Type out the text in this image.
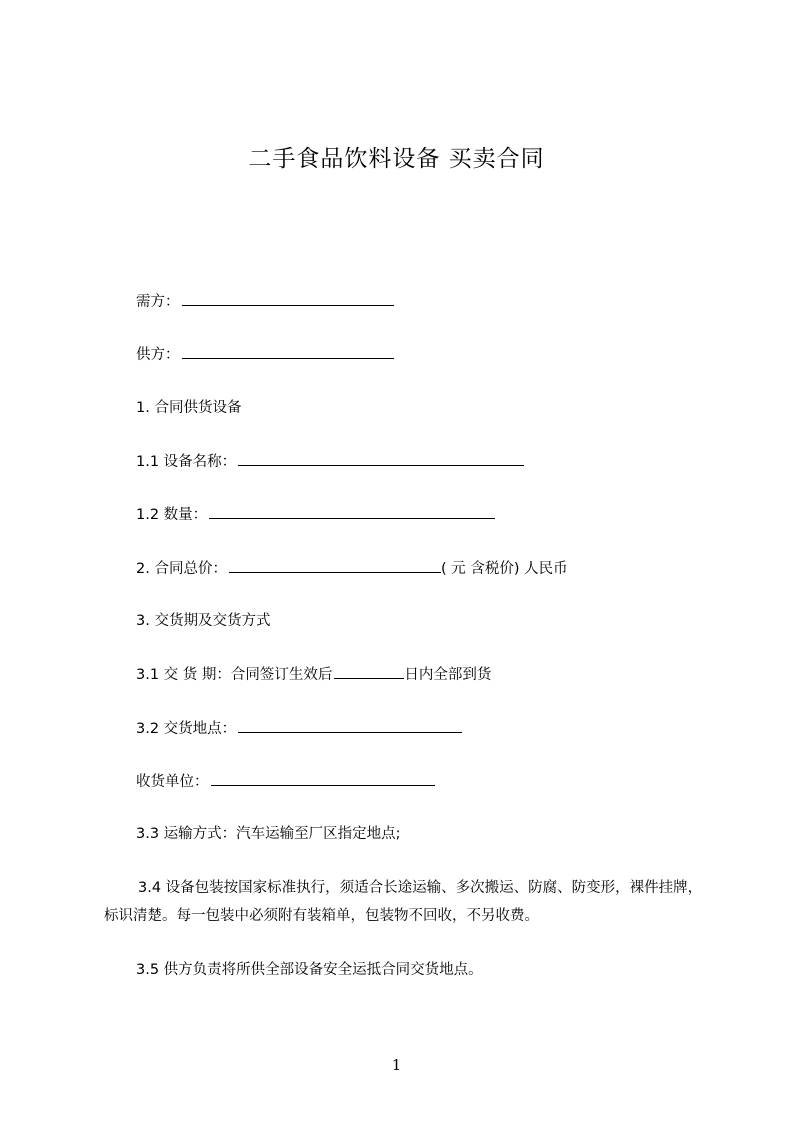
二手食品饮料设备 买卖合同
需方：
供方：
1. 合同供货设备
1.1 设备名称：
1.2 数量：
2. 合同总价：	( 元 含税价) 人民币
3. 交货期及交货方式
3.1 交 货 期：合同签订生效后	日内全部到货
3.2 交货地点：
收货单位：
3.3 运输方式：汽车运输至厂区指定地点;
3.4 设备包装按国家标准执行，须适合长途运输、多次搬运、防腐、防变形，裸件挂牌，标识清楚。每一包装中必须附有装箱单，包装物不回收，不另收费。
3.5 供方负责将所供全部设备安全运抵合同交货地点。
1
